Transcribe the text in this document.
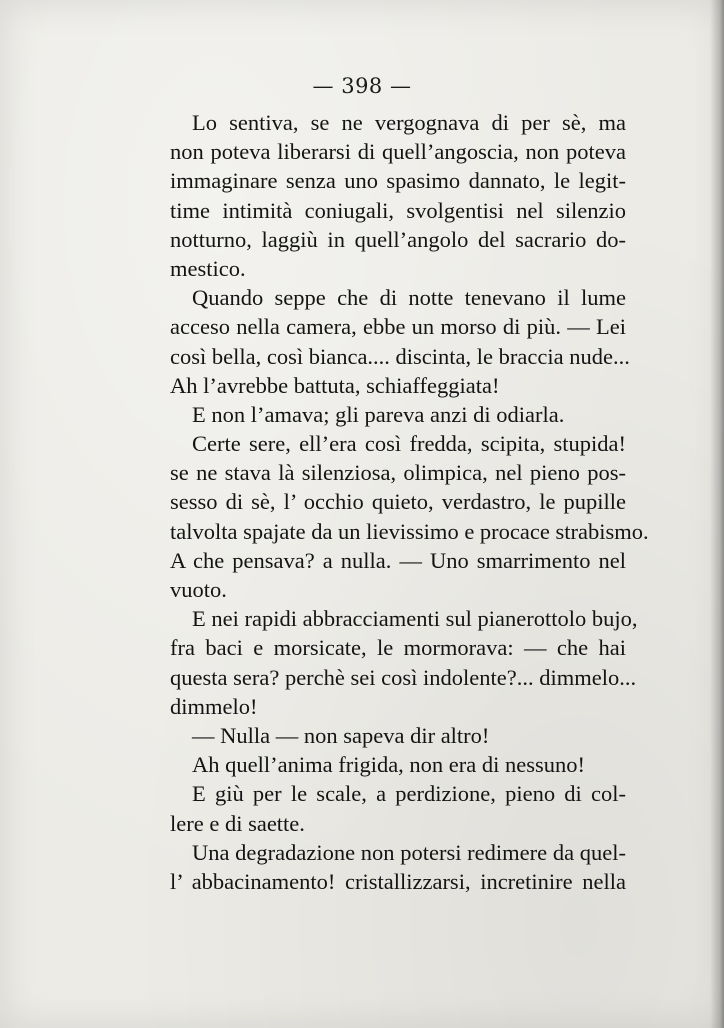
— 398 —
Lo sentiva, se ne vergognava di per sè, ma
non poteva liberarsi di quell’angoscia, non poteva
immaginare senza uno spasimo dannato, le legit-
time intimità coniugali, svolgentisi nel silenzio
notturno, laggiù in quell’angolo del sacrario do-
mestico.
Quando seppe che di notte tenevano il lume
acceso nella camera, ebbe un morso di più. — Lei
così bella, così bianca.... discinta, le braccia nude...
Ah l’avrebbe battuta, schiaffeggiata!
E non l’amava; gli pareva anzi di odiarla.
Certe sere, ell’era così fredda, scipita, stupida!
se ne stava là silenziosa, olimpica, nel pieno pos-
sesso di sè, l’ occhio quieto, verdastro, le pupille
talvolta spajate da un lievissimo e procace strabismo.
A che pensava? a nulla. — Uno smarrimento nel
vuoto.
E nei rapidi abbracciamenti sul pianerottolo bujo,
fra baci e morsicate, le mormorava: — che hai
questa sera? perchè sei così indolente?... dimmelo...
dimmelo!
— Nulla — non sapeva dir altro!
Ah quell’anima frigida, non era di nessuno!
E giù per le scale, a perdizione, pieno di col-
lere e di saette.
Una degradazione non potersi redimere da quel-
l’ abbacinamento! cristallizzarsi, incretinire nella
